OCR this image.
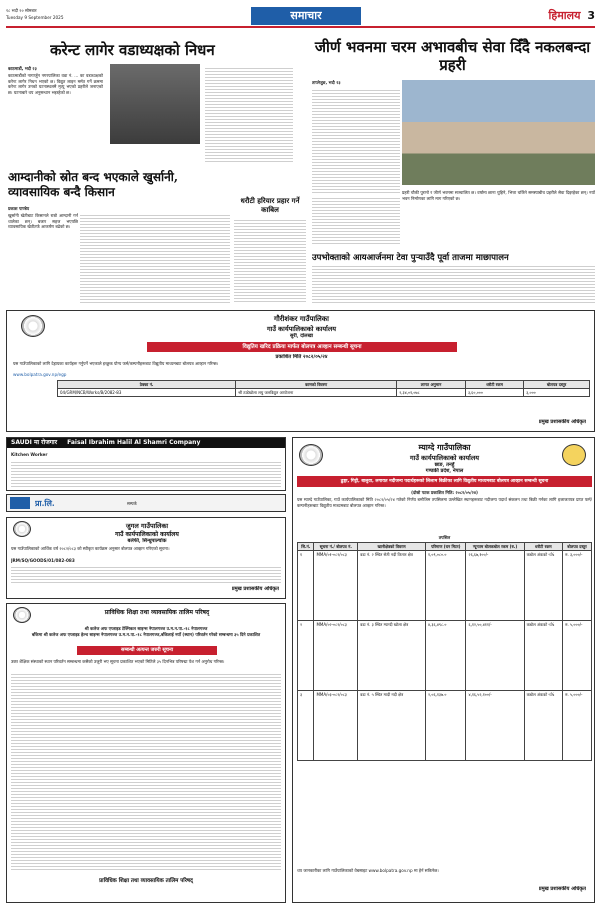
१८ भदौ २० सोमबार
Tuesday 9 September 2025	समाचार	हिमालय 3
करेन्ट लागेर वडाध्यक्षको निधन
काठमाडौं, भदौ २३
काठमाडौंको नागार्जुन नगरपालिका वडा नं. ... का वडाध्यक्षको करेन्ट लागेर निधन भएको छ। विद्युत लाइन मर्मत गर्ने क्रममा करेन्ट लागेर उनको घटनास्थलमै मृत्यु भएको प्रहरीले जनाएको छ। घटनाबारे थप अनुसन्धान भइरहेको छ।
जीर्ण भवनमा चरम अभावबीच सेवा दिँदै नकलबन्दा प्रहरी
ताप्लेजुङ, भदौ २३
प्रहरी चौकी पुरानो र जीर्ण भवनमा सञ्चालित छ। वर्षामा छाना चुहिने, भित्ता चर्किने समस्याबीच प्रहरीले सेवा दिइरहेका छन्। नयाँ भवन निर्माणका लागि माग गरिएको छ।
आम्दानीको स्रोत बन्द भएकाले खुर्सानी, व्यावसायिक बन्दै किसान
प्रकाश पाण्डेय
खुर्सानी खेतीबाट किसानले राम्रो आम्दानी गर्न थालेका छन्। बजार सहज भएपछि व्यावसायिक खेतीतर्फ आकर्षण बढेको छ।
धरौटी हरियार प्रहार गर्ने काबिल
उपभोक्ताको आयआर्जनमा टेवा पुऱ्याउँदै पूर्वा ताजमा माछापालन
गौरीशंकर गाउँपालिका
गाउँ कार्यपालिकाको कार्यालय
सुरी, दोलखा
विद्युतिय खरिद प्रक्रिया मार्फत बोलपत्र आव्हान सम्बन्धी सूचना
प्रकाशित मिति २०८२/०५/२४
यस गाउँपालिकाको लागि देहायका कार्यहरू गर्नुपर्ने भएकाले इच्छुक योग्य फर्म/कम्पनीहरूबाट विद्युतीय माध्यमबाट बोलपत्र आव्हान गरिन्छ।
www.bolpatra.gov.np/egp
ठेक्का नं.	कामको विवरण	लागत अनुमान	धरौटी रकम	बोलपत्र दस्तुर
04/GRM/NCB/Works/B/2082-83	श्री ठाडेखोला लघु जलविद्युत आयोजना	२,३४,०१,०७८	३,६०,०००	३,०००
प्रमुख प्रशासकीय अधिकृत
SAUDI मा रोजगार Faisal Ibrahim Halil Al Shamri Company
Kitchen Worker
प्रा.लि.	सम्पर्क
जुगल गाउँपालिका
गाउँ कार्यपालिकाको कार्यालय
बलेफी, सिन्धुपाल्चोक
यस गाउँपालिकाको आर्थिक वर्ष २०८२/०८३ को स्वीकृत कार्यक्रम अनुसार बोलपत्र आव्हान गरिएको सूचना।
JRM/SQ/GOODS/01/082-083
प्रमुख प्रशासकीय अधिकृत
प्राविधिक शिक्षा तथा व्यावसायिक तालिम परिषद्
श्री कलेज अफ एप्लाइड टेक्निकल साइन्स नेपालगञ्ज उ.म.न.पा.-१८ नेपालगञ्ज
बाँकेमा श्री कलेज अफ एप्लाइड हेल्थ साइन्स नेपालगञ्ज उ.म.न.पा.-१८ नेपालगञ्ज,बाँकेलाई नयाँ (स्थान) परिवर्तन गरेको सम्बन्धमा ३५ दिने प्रकाशित
सम्बन्धी अत्यन्त जरुरी सूचना
उक्त शैक्षिक संस्थाको स्थान परिवर्तन सम्बन्धमा कसैको उजुरी भए सूचना प्रकाशित भएको मितिले ३५ दिनभित्र परिषद्मा पेश गर्न अनुरोध गरिन्छ।
प्राविधिक शिक्षा तथा व्यावसायिक तालिम परिषद्
म्याग्दे गाउँपालिका
गाउँ कार्यपालिकाको कार्यालय
छाङ, तनहुँ
गण्डकी प्रदेश, नेपाल
ढुङ्गा, गिट्टी, बालुवा, लगायत नदीजन्य पदार्थहरूको लिलाम बिक्रीका लागि विद्युतीय माध्यमबाट बोलपत्र आव्हान सम्बन्धी सूचना
(दोस्रो पटक प्रकाशित मिति: २०८२/०५/२४)
यस म्याग्दे गाउँपालिका, गाउँ कार्यपालिकाको मिति २०८२/०५/२४ गतेको निर्णय बमोजिम तपसिलमा उल्लेखित स्थानहरूबाट नदीजन्य पदार्थ संकलन तथा बिक्री गर्नका लागि इजाजतपत्र प्राप्त फर्म/कम्पनीहरूबाट विद्युतीय माध्यमबाट बोलपत्र आव्हान गरिन्छ।
तपसिल
सि.नं.	सूचना नं./ बोलपत्र नं.	खानीक्षेत्रको विवरण	परिमाण (घन मिटर)	न्यूनतम बोलकबोल रकम (रु.)	धरौटी रकम	बोलपत्र दस्तुर
१	MMA/०१-०८२/०८३	वडा नं. २ स्थित सेती नदी किनार क्षेत्र	१,०९,०८०.०	२६,६७,१००/-	कबोल अंकको ५%	रु. ३,०००/-
२	MMA/०२-०८२/०८३	वडा नं. ३ स्थित म्याग्दी खोला क्षेत्र	४,३६,४९८.०	६,१२,५०,४११/-	कबोल अंकको ५%	रु. ५,०००/-
३	MMA/०३-०८२/०८३	वडा नं. ५ स्थित मादी नदी क्षेत्र	२,०६,१३७.०	४,१६,५२,१००/-	कबोल अंकको ५%	रु. ५,०००/-
थप जानकारीका लागि गाउँपालिकाको वेबसाइट www.bolpatra.gov.np मा हेर्न सकिनेछ।
प्रमुख प्रशासकीय अधिकृत
